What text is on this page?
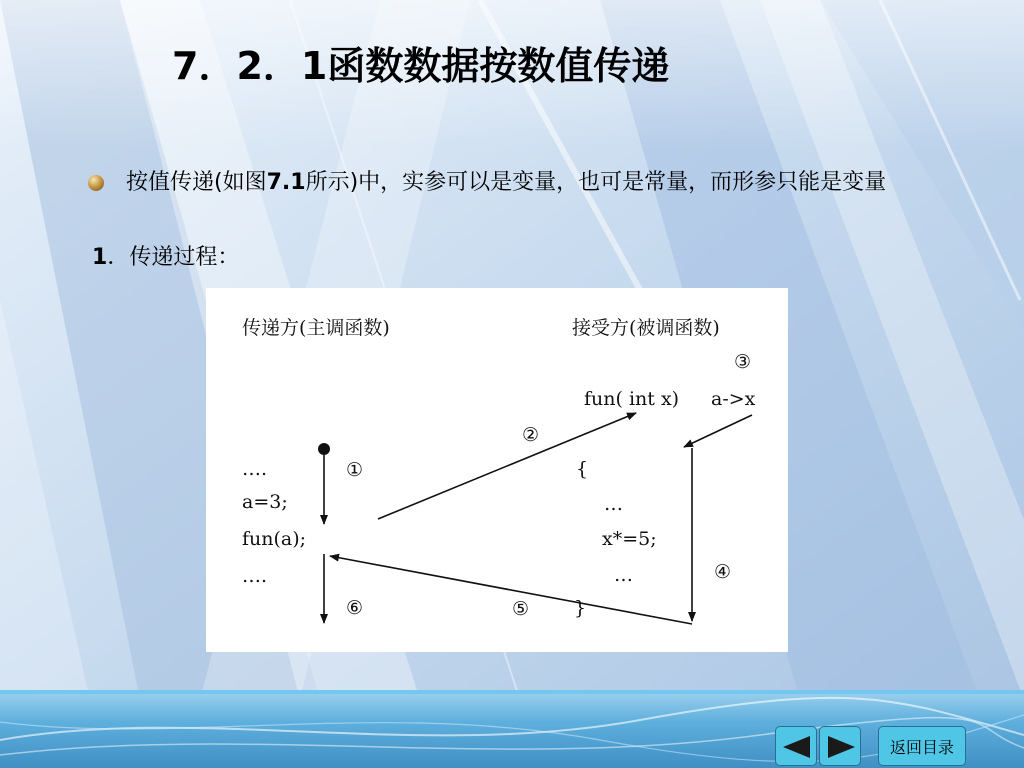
7．2．1函数数据按数值传递

按值传递(如图7.1所示)中，实参可以是变量，也可是常量，而形参只能是变量

1．传递过程：

传递方(主调函数)	接受方(被调函数)
….
a=3;
fun(a);
….
fun( int x)
{
…
x*=5;
…
}
a->x
①
②
③
④
⑤
⑥
返回目录
